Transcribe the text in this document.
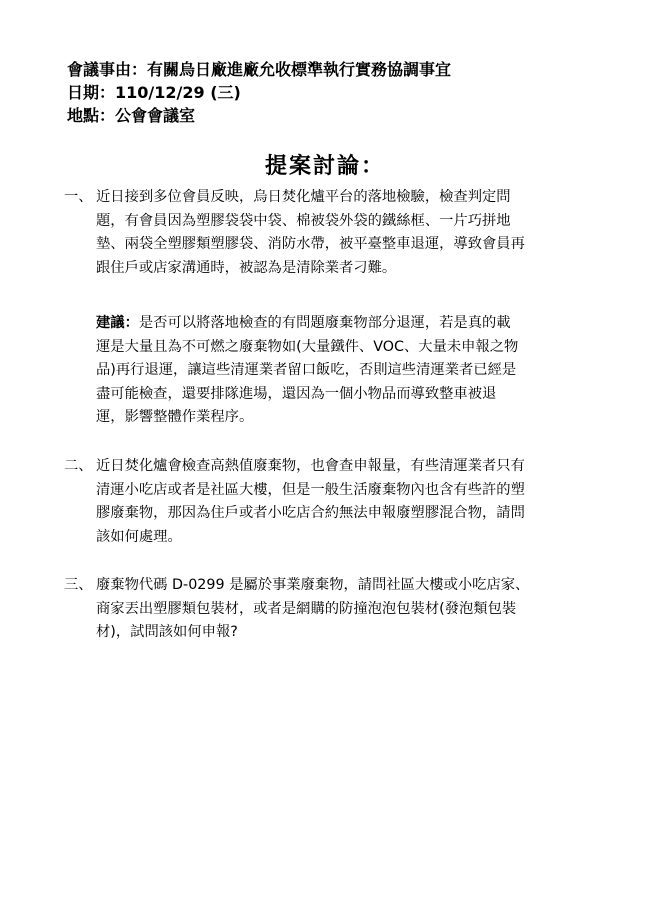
會議事由：有關烏日廠進廠允收標準執行實務協調事宜
日期：110/12/29 (三)
地點：公會會議室
提案討論：
一、 近日接到多位會員反映，烏日焚化爐平台的落地檢驗，檢查判定問
題，有會員因為塑膠袋袋中袋、棉被袋外袋的鐵絲框、一片巧拼地
墊、兩袋全塑膠類塑膠袋、消防水帶，被平臺整車退運，導致會員再
跟住戶或店家溝通時，被認為是清除業者刁難。
建議：是否可以將落地檢查的有問題廢棄物部分退運，若是真的載
運是大量且為不可燃之廢棄物如(大量鐵件、VOC、大量未申報之物
品)再行退運，讓這些清運業者留口飯吃，否則這些清運業者已經是
盡可能檢查，還要排隊進場，還因為一個小物品而導致整車被退
運，影響整體作業程序。
二、 近日焚化爐會檢查高熱值廢棄物，也會查申報量，有些清運業者只有
清運小吃店或者是社區大樓，但是一般生活廢棄物內也含有些許的塑
膠廢棄物，那因為住戶或者小吃店合約無法申報廢塑膠混合物，請問
該如何處理。
三、 廢棄物代碼 D-0299 是屬於事業廢棄物，請問社區大樓或小吃店家、
商家丟出塑膠類包裝材，或者是網購的防撞泡泡包裝材(發泡類包裝
材)，試問該如何申報?
